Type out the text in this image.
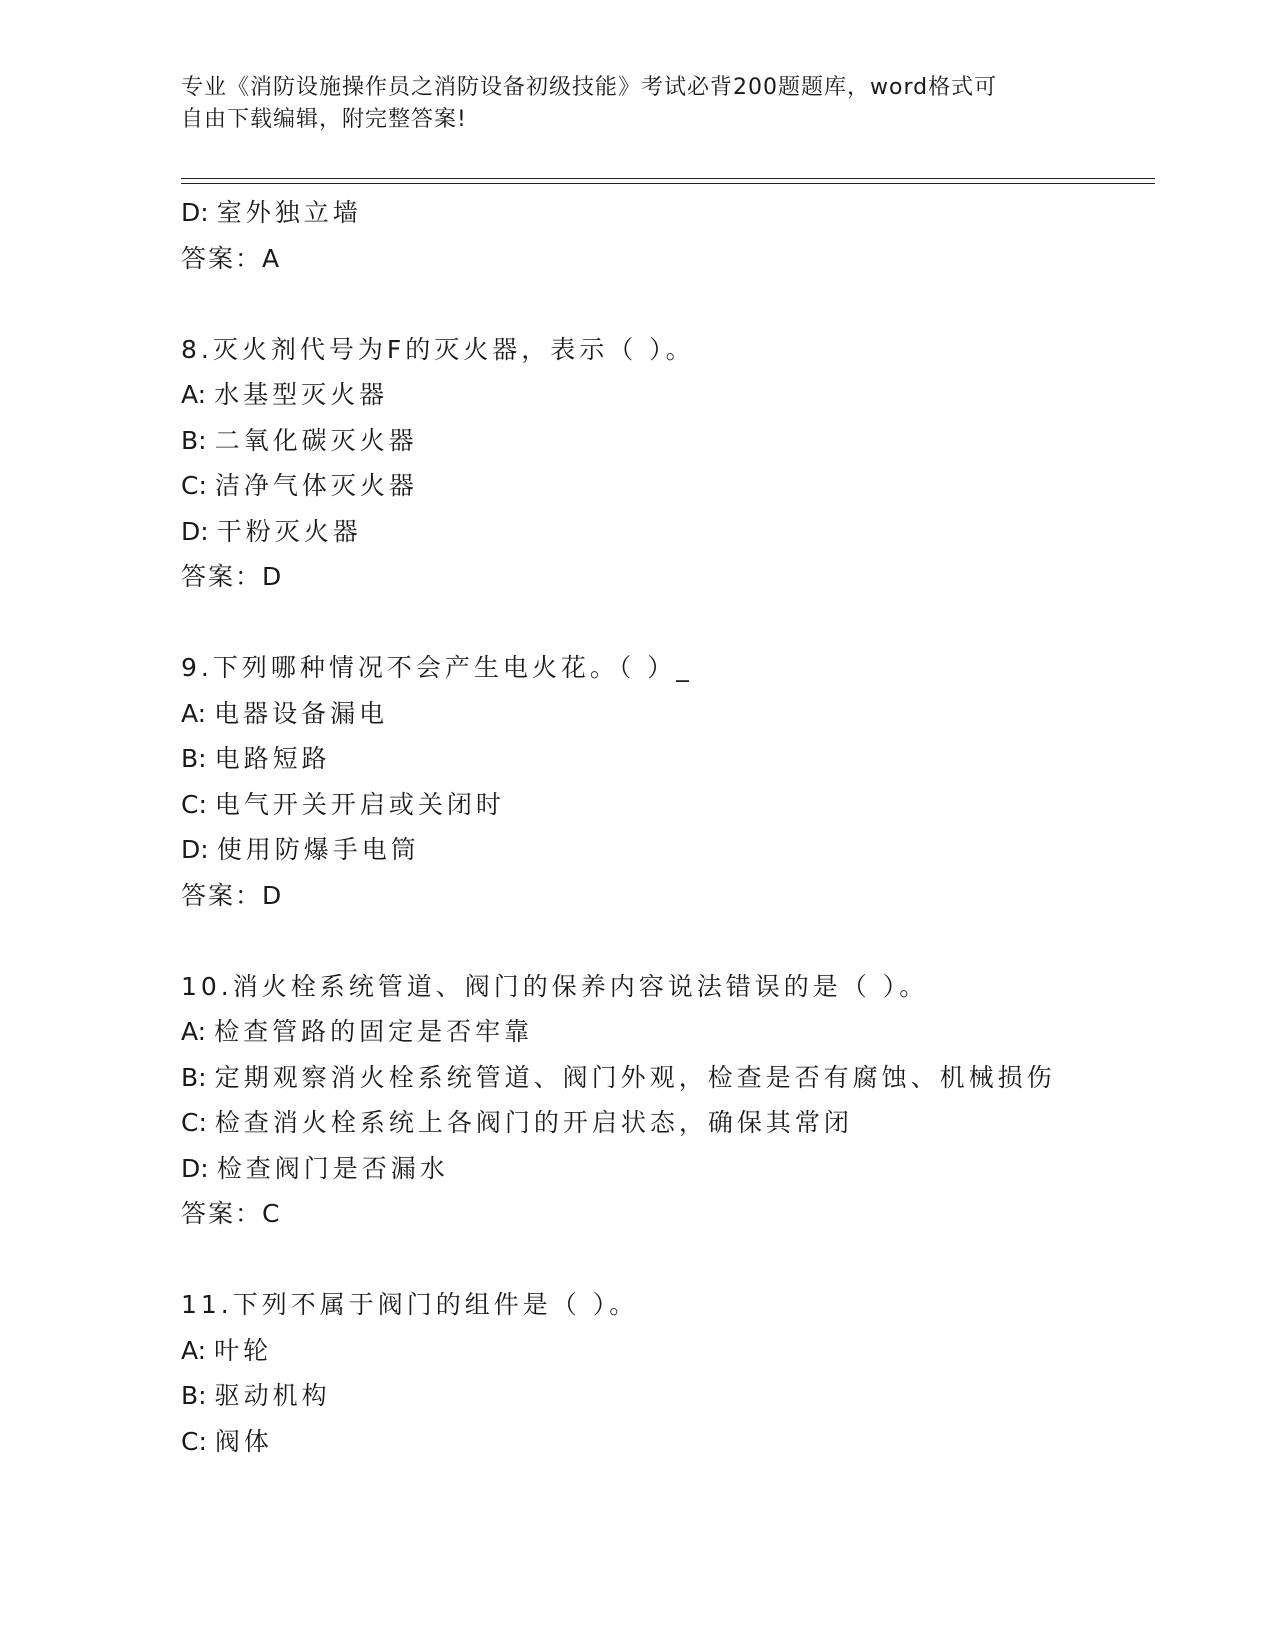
专业《消防设施操作员之消防设备初级技能》考试必背200题题库，word格式可
自由下载编辑，附完整答案!
D: 室外独立墙
答案：A
8.灭火剂代号为F的灭火器，表示（ ）。
A: 水基型灭火器
B: 二氧化碳灭火器
C: 洁净气体灭火器
D: 干粉灭火器
答案：D
9.下列哪种情况不会产生电火花。（ ）_
A: 电器设备漏电
B: 电路短路
C: 电气开关开启或关闭时
D: 使用防爆手电筒
答案：D
10.消火栓系统管道、阀门的保养内容说法错误的是（ ）。
A: 检查管路的固定是否牢靠
B: 定期观察消火栓系统管道、阀门外观，检查是否有腐蚀、机械损伤
C: 检查消火栓系统上各阀门的开启状态，确保其常闭
D: 检查阀门是否漏水
答案：C
11.下列不属于阀门的组件是（ ）。
A: 叶轮
B: 驱动机构
C: 阀体
